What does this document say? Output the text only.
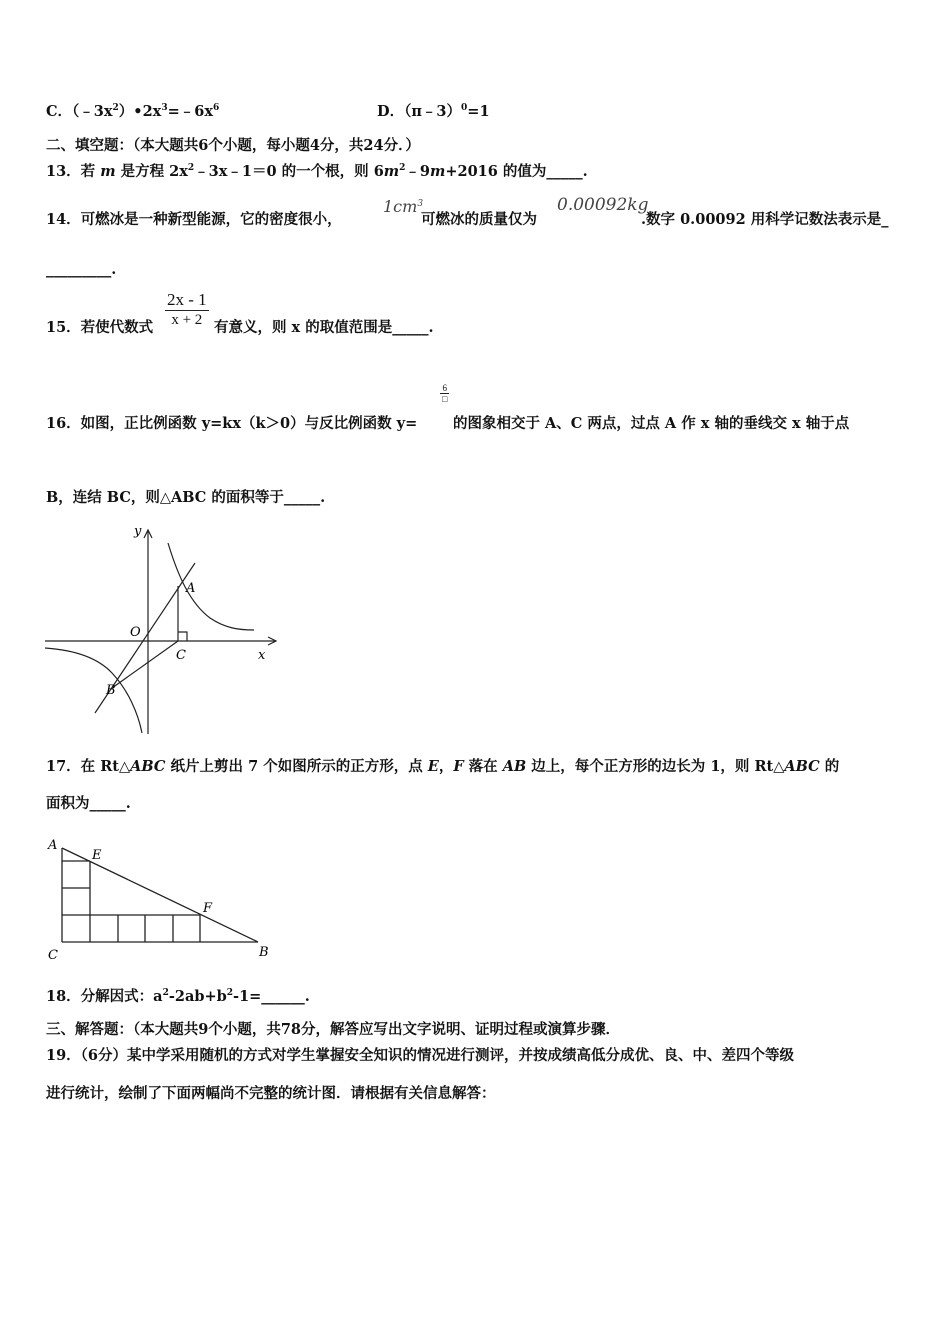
C．$(﹣3x^2)•2x^3=﹣6x^6$	D．（π﹣3）$^0$=1
二、填空题：（本大题共6个小题，每小题4分，共24分．）
13．若 m 是方程 $2x^2﹣3x﹣1=0$ 的一个根，则 $6m^2﹣9m+2016$ 的值为_____.
14．可燃冰是一种新型能源，它的密度很小，
$1cm^3$
可燃冰的质量仅为
0.00092kg
.数字 0.00092 用科学记数法表示是_
_________.
15．若使代数式 $\frac{2x - 1}{x + 2}$ 有意义，则 x 的取值范围是_____.
16．如图，正比例函数 y=kx（k＞0）与反比例函数 y=
6
□
的图象相交于 A、C 两点，过点 A 作 x 轴的垂线交 x 轴于点
B，连结 BC，则△ABC 的面积等于_____.
y
A
O
C	x
B
17．在 Rt△ABC 纸片上剪出 7 个如图所示的正方形，点 E，F 落在 AB 边上，每个正方形的边长为 1，则 Rt△ABC 的
面积为_____.
A
E
F
C	B
18．分解因式：$a^2-2ab+b^2-1=\_\_\_\_\_\_$.
三、解答题：（本大题共9个小题，共78分，解答应写出文字说明、证明过程或演算步骤．
19．（6分）某中学采用随机的方式对学生掌握安全知识的情况进行测评，并按成绩高低分成优、良、中、差四个等级
进行统计，绘制了下面两幅尚不完整的统计图．请根据有关信息解答：
